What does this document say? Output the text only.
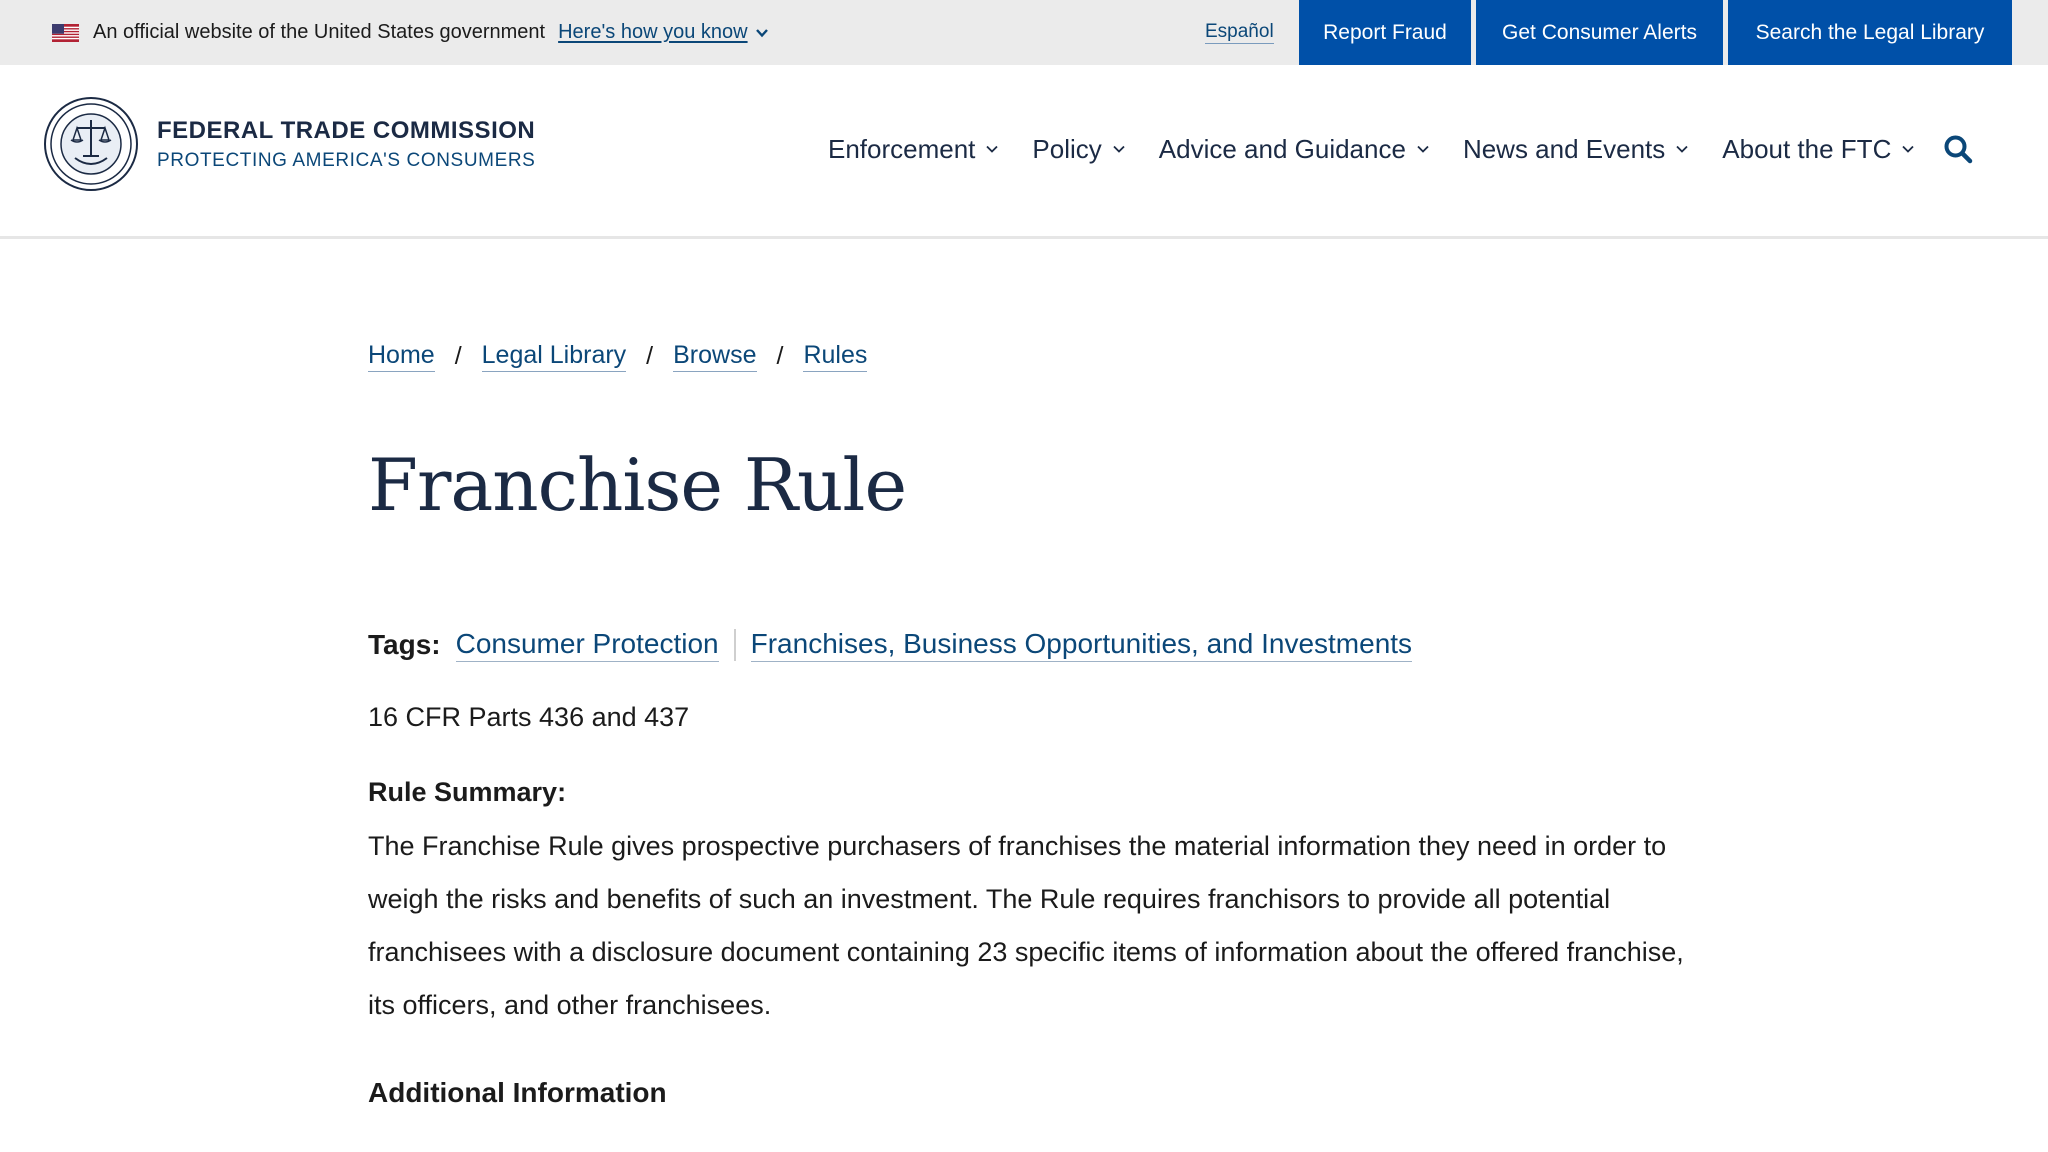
An official website of the United States government Here's how you know	Español	Report Fraud	Get Consumer Alerts	Search the Legal Library
FEDERAL TRADE COMMISSION
PROTECTING AMERICA'S CONSUMERS	Enforcement Policy Advice and Guidance News and Events About the FTC
Home / Legal Library / Browse / Rules
Franchise Rule
Tags: Consumer Protection Franchises, Business Opportunities, and Investments
16 CFR Parts 436 and 437
Rule Summary:

The Franchise Rule gives prospective purchasers of franchises the material information they need in order to weigh the risks and benefits of such an investment. The Rule requires franchisors to provide all potential franchisees with a disclosure document containing 23 specific items of information about the offered franchise, its officers, and other franchisees.

Additional Information
